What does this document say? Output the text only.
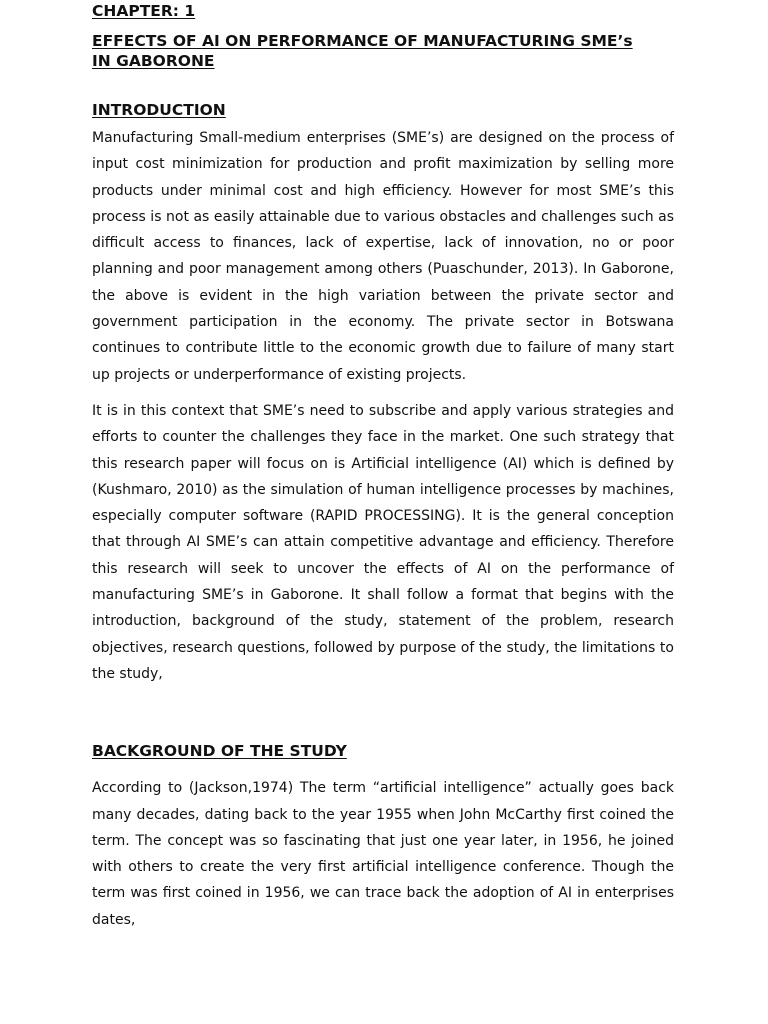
CHAPTER: 1
EFFECTS OF AI ON PERFORMANCE OF MANUFACTURING SME’s IN GABORONE
INTRODUCTION

Manufacturing Small-medium enterprises (SME’s) are designed on the process of input cost minimization for production and profit maximization by selling more products under minimal cost and high efficiency. However for most SME’s this process is not as easily attainable due to various obstacles and challenges such as difficult access to finances, lack of expertise, lack of innovation, no or poor planning and poor management among others (Puaschunder, 2013). In Gaborone, the above is evident in the high variation between the private sector and government participation in the economy. The private sector in Botswana continues to contribute little to the economic growth due to failure of many start up projects or underperformance of existing projects.

It is in this context that SME’s need to subscribe and apply various strategies and efforts to counter the challenges they face in the market. One such strategy that this research paper will focus on is Artificial intelligence (AI) which is defined by (Kushmaro, 2010) as the simulation of human intelligence processes by machines, especially computer software (RAPID PROCESSING). It is the general conception that through AI SME’s can attain competitive advantage and efficiency. Therefore this research will seek to uncover the effects of AI on the performance of manufacturing SME’s in Gaborone. It shall follow a format that begins with the introduction, background of the study, statement of the problem, research objectives, research questions, followed by purpose of the study, the limitations to the study,

BACKGROUND OF THE STUDY

According to (Jackson,1974) The term “artificial intelligence” actually goes back many decades, dating back to the year 1955 when John McCarthy first coined the term. The concept was so fascinating that just one year later, in 1956, he joined with others to create the very first artificial intelligence conference. Though the term was first coined in 1956, we can trace back the adoption of AI in enterprises dates,
